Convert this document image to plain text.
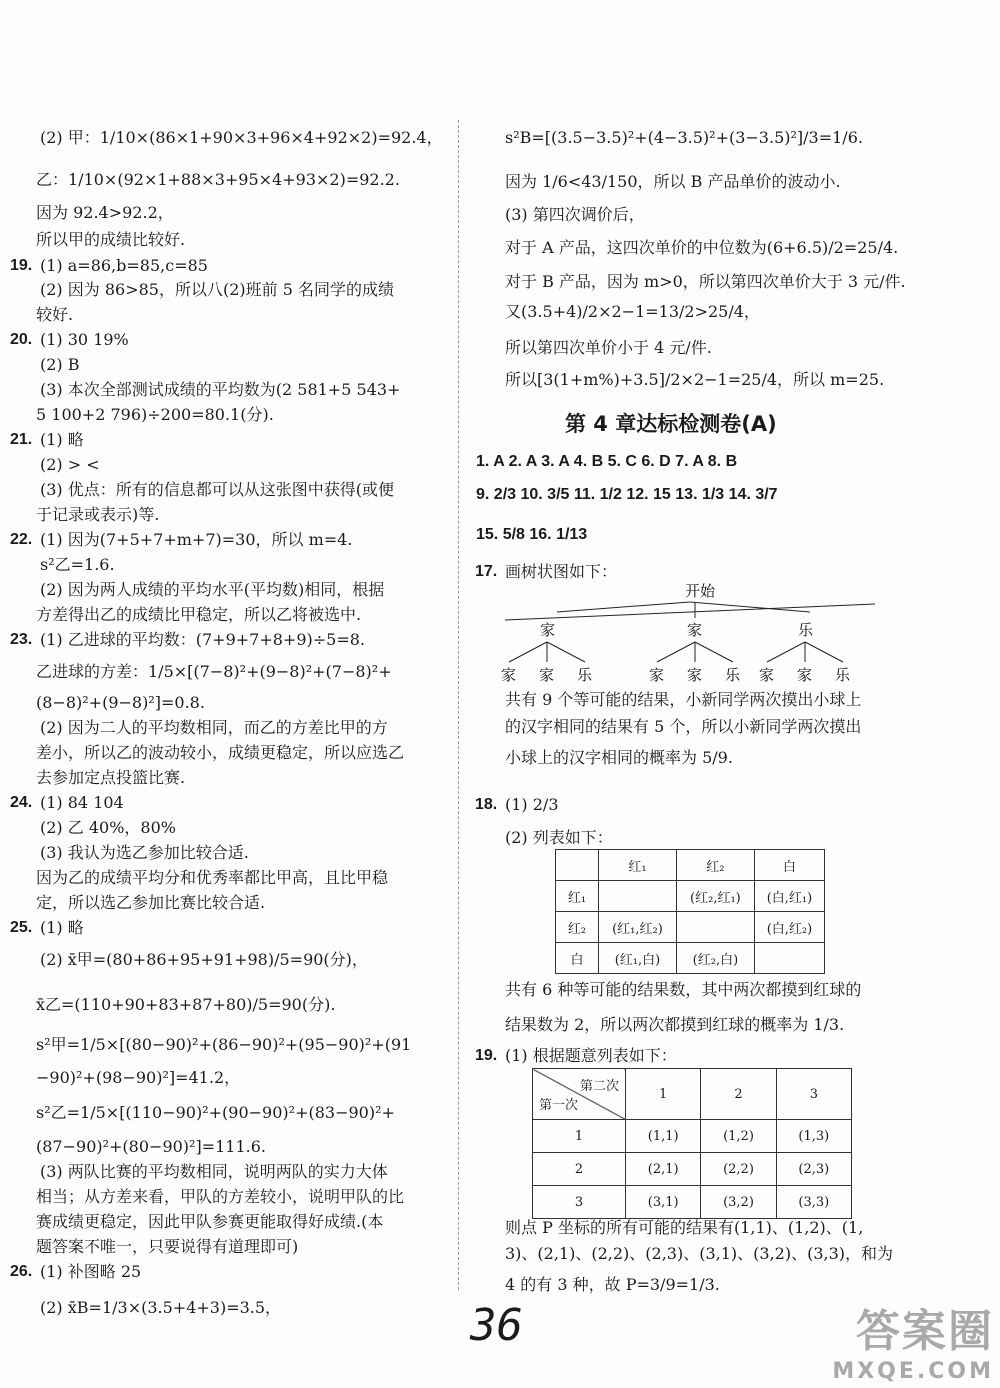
(2) 甲：1/10×(86×1+90×3+96×4+92×2)=92.4，
乙：1/10×(92×1+88×3+95×4+93×2)=92.2.
因为 92.4>92.2，
所以甲的成绩比较好.
19. (1) a=86,b=85,c=85
(2) 因为 86>85，所以八(2)班前 5 名同学的成绩
较好.
20. (1) 30 19%
(2) B
(3) 本次全部测试成绩的平均数为(2 581+5 543+
5 100+2 796)÷200=80.1(分).
21. (1) 略
(2) > <
(3) 优点：所有的信息都可以从这张图中获得(或便
于记录或表示)等.
22. (1) 因为(7+5+7+m+7)=30，所以 m=4.
s²乙=1.6.
(2) 因为两人成绩的平均水平(平均数)相同，根据
方差得出乙的成绩比甲稳定，所以乙将被选中.
23. (1) 乙进球的平均数：(7+9+7+8+9)÷5=8.
乙进球的方差：1/5×[(7−8)²+(9−8)²+(7−8)²+
(8−8)²+(9−8)²]=0.8.
(2) 因为二人的平均数相同，而乙的方差比甲的方
差小，所以乙的波动较小，成绩更稳定，所以应选乙
去参加定点投篮比赛.
24. (1) 84 104
(2) 乙 40%，80%
(3) 我认为选乙参加比较合适.
因为乙的成绩平均分和优秀率都比甲高，且比甲稳
定，所以选乙参加比赛比较合适.
25. (1) 略
(2) x̄甲=(80+86+95+91+98)/5=90(分)，
x̄乙=(110+90+83+87+80)/5=90(分).
s²甲=1/5×[(80−90)²+(86−90)²+(95−90)²+(91
−90)²+(98−90)²]=41.2，
s²乙=1/5×[(110−90)²+(90−90)²+(83−90)²+
(87−90)²+(80−90)²]=111.6.
(3) 两队比赛的平均数相同，说明两队的实力大体
相当；从方差来看，甲队的方差较小，说明甲队的比
赛成绩更稳定，因此甲队参赛更能取得好成绩.(本
题答案不唯一，只要说得有道理即可)
26. (1) 补图略 25
(2) x̄B=1/3×(3.5+4+3)=3.5，
s²B=[(3.5−3.5)²+(4−3.5)²+(3−3.5)²]/3=1/6.
因为 1/6<43/150，所以 B 产品单价的波动小.
(3) 第四次调价后，
对于 A 产品，这四次单价的中位数为(6+6.5)/2=25/4.
对于 B 产品，因为 m>0，所以第四次单价大于 3 元/件.
又(3.5+4)/2×2−1=13/2>25/4，
所以第四次单价小于 4 元/件.
所以[3(1+m%)+3.5]/2×2−1=25/4，所以 m=25.
1. A 2. A 3. A 4. B 5. C 6. D 7. A 8. B
9. 2/3 10. 3/5 11. 1/2 12. 15 13. 1/3 14. 3/7
15. 5/8 16. 1/13
17. 画树状图如下：
共有 9 个等可能的结果，小新同学两次摸出小球上
的汉字相同的结果有 5 个，所以小新同学两次摸出
小球上的汉字相同的概率为 5/9.
18. (1) 2/3
(2) 列表如下：
共有 6 种等可能的结果数，其中两次都摸到红球的
结果数为 2，所以两次都摸到红球的概率为 1/3.
19. (1) 根据题意列表如下：
则点 P 坐标的所有可能的结果有(1,1)、(1,2)、(1,
3)、(2,1)、(2,2)、(2,3)、(3,1)、(3,2)、(3,3)，和为
4 的有 3 种，故 P=3/9=1/3.
第 4 章达标检测卷(A)
开始
家	家	乐
家 家 乐	家 家 乐 家 家 乐
	红₁	红₂	白
红₁		(红₂,红₁)	(白,红₁)
红₂	(红₁,红₂)		(白,红₂)
白	(红₁,白)	(红₂,白)	
第二次
第一次	1	2	3
1	(1,1)	(1,2)	(1,3)
2	(2,1)	(2,2)	(2,3)
3	(3,1)	(3,2)	(3,3)
36	答案圈
MXQE.COM
